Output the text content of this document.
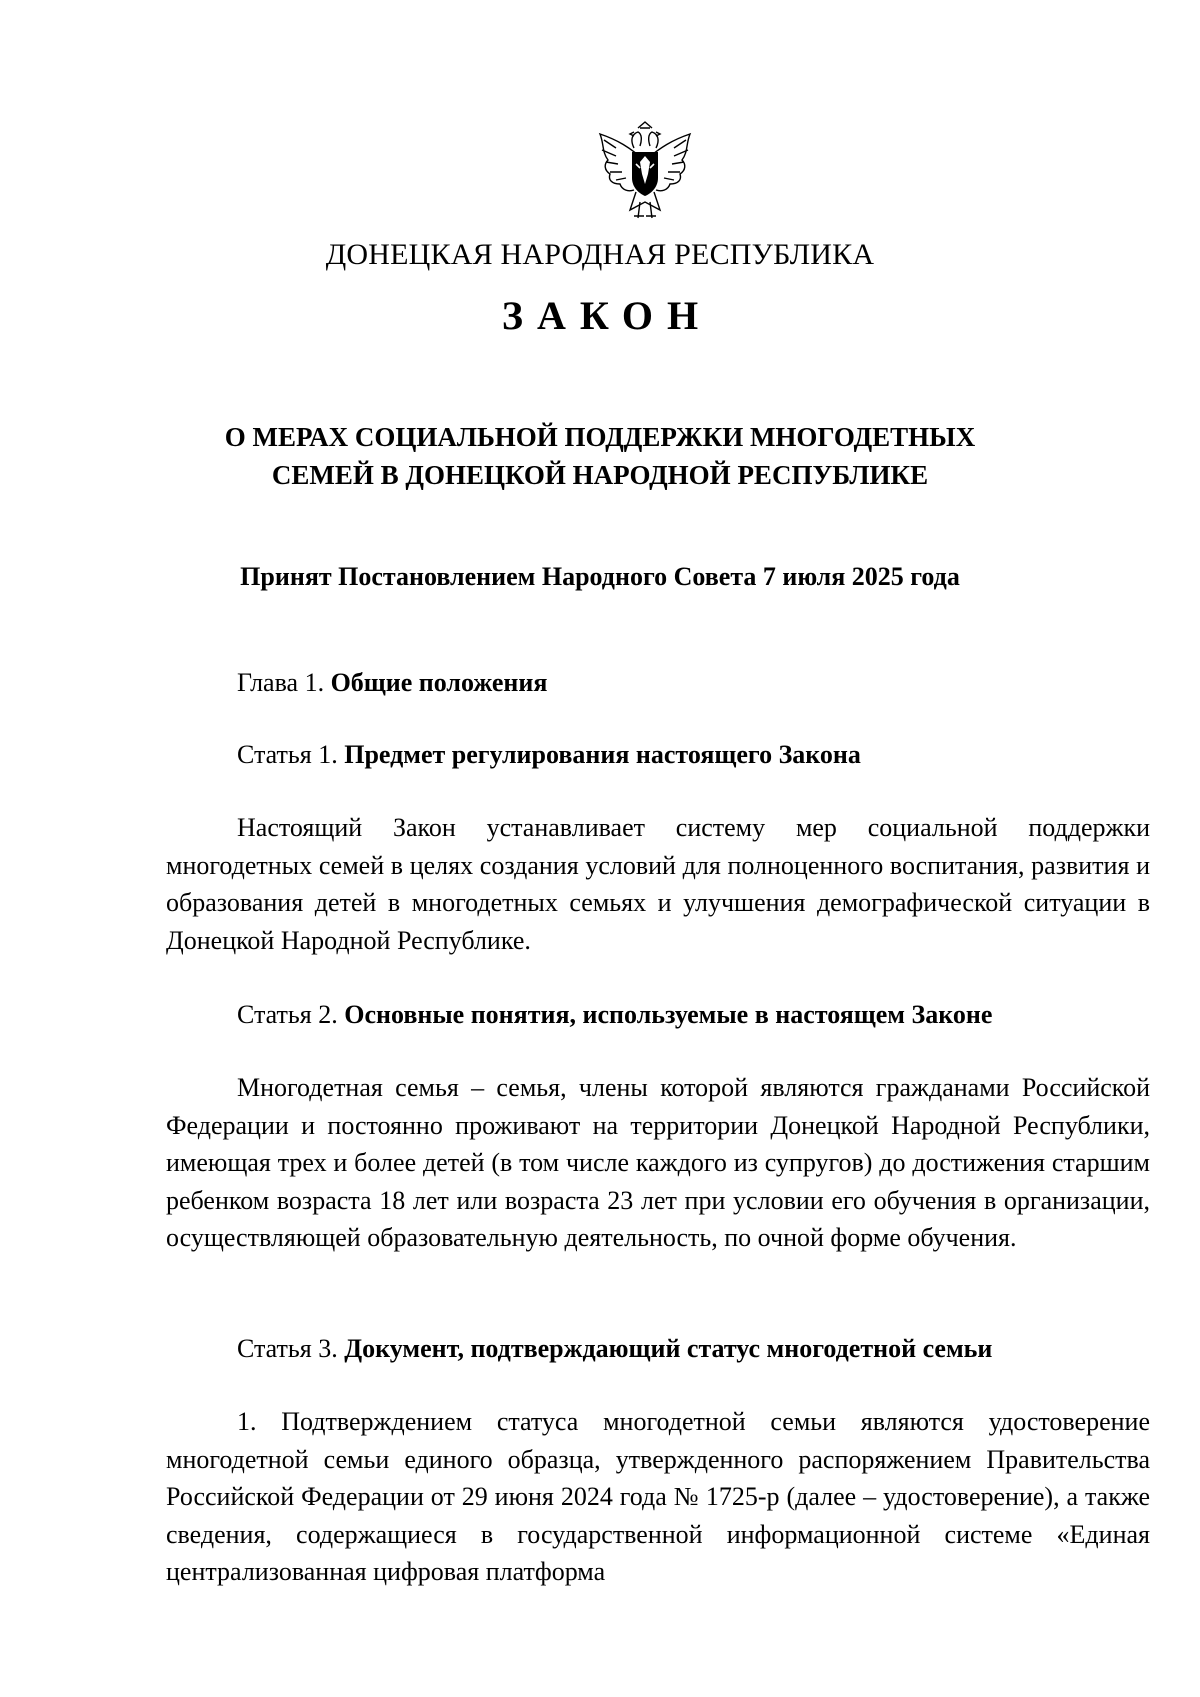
ДОНЕЦКАЯ НАРОДНАЯ РЕСПУБЛИКА
ЗАКОН
О МЕРАХ СОЦИАЛЬНОЙ ПОДДЕРЖКИ МНОГОДЕТНЫХ
СЕМЕЙ В ДОНЕЦКОЙ НАРОДНОЙ РЕСПУБЛИКЕ
Принят Постановлением Народного Совета 7 июля 2025 года
Глава 1. Общие положения
Статья 1. Предмет регулирования настоящего Закона

Настоящий Закон устанавливает систему мер социальной поддержки многодетных семей в целях создания условий для полноценного воспитания, развития и образования детей в многодетных семьях и улучшения демографической ситуации в Донецкой Народной Республике.

Статья 2. Основные понятия, используемые в настоящем Законе

Многодетная семья – семья, члены которой являются гражданами Российской Федерации и постоянно проживают на территории Донецкой Народной Республики, имеющая трех и более детей (в том числе каждого из супругов) до достижения старшим ребенком возраста 18 лет или возраста 23 лет при условии его обучения в организации, осуществляющей образовательную деятельность, по очной форме обучения.

Статья 3. Документ, подтверждающий статус многодетной семьи

1. Подтверждением статуса многодетной семьи являются удостоверение многодетной семьи единого образца, утвержденного распоряжением Правительства Российской Федерации от 29 июня 2024 года № 1725-р (далее – удостоверение), а также сведения, содержащиеся в государственной информационной системе «Единая централизованная цифровая платформа
